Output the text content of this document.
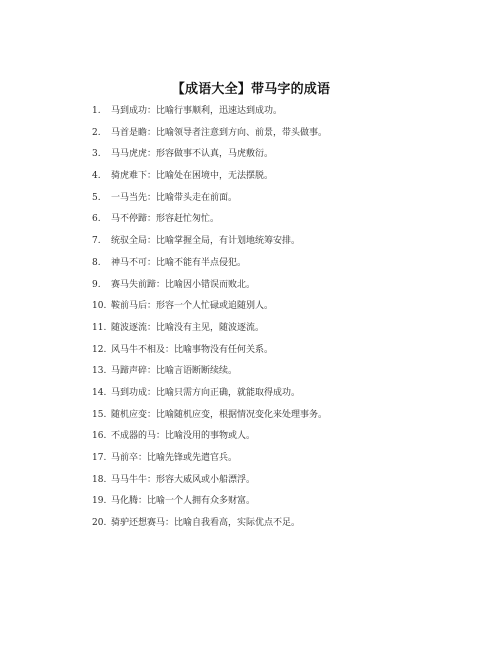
【成语大全】带马字的成语
1.	马到成功：比喻行事顺利，迅速达到成功。
2.	马首是瞻：比喻领导者注意到方向、前景，带头做事。
3.	马马虎虎：形容做事不认真，马虎敷衍。
4.	骑虎难下：比喻处在困境中，无法摆脱。
5.	一马当先：比喻带头走在前面。
6.	马不停蹄：形容赶忙匆忙。
7.	统驭全局：比喻掌握全局，有计划地统筹安排。
8.	神马不可：比喻不能有半点侵犯。
9.	赛马失前蹄：比喻因小错误而败北。
10. 鞍前马后：形容一个人忙碌或追随别人。
11. 随波逐流：比喻没有主见，随波逐流。
12. 风马牛不相及：比喻事物没有任何关系。
13. 马蹄声碎：比喻言语断断续续。
14. 马到功成：比喻只需方向正确，就能取得成功。
15. 随机应变：比喻随机应变，根据情况变化来处理事务。
16. 不成器的马：比喻没用的事物或人。
17. 马前卒：比喻先锋或先遣官兵。
18. 马马牛牛：形容大威风或小船漂浮。
19. 马化腾：比喻一个人拥有众多财富。
20. 骑驴还想赛马：比喻自我看高，实际优点不足。
